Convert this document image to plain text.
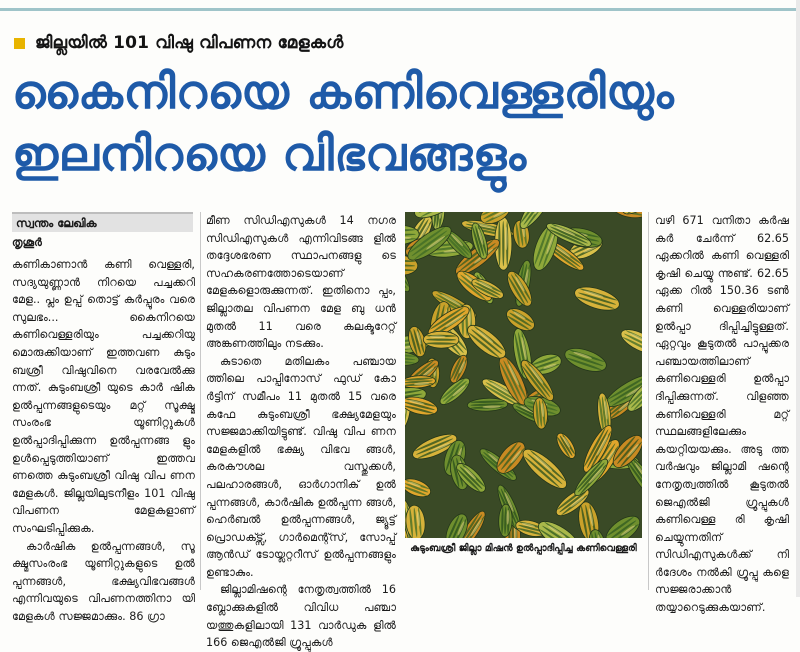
ജില്ലയിൽ 101 വിഷു വിപണന മേളകൾ
കൈനിറയെ കണിവെള്ളരിയും
ഇലനിറയെ വിഭവങ്ങളും
സ്വന്തം ലേഖിക
തൃശൂർ

കണികാണാൻ കണി വെള്ളരി, സദ്യയുണ്ണാൻ നിറയെ പച്ചക്കറി മേള.. പ്ലം ഉപ്പ് തൊട്ട് കർപ്പൂരം വരെ സുലഭം... കൈനിറയെ കണിവെള്ളരിയും പച്ചക്കറിയു മൊരുക്കിയാണ് ഇത്തവണ കുടും ബശ്രീ വിഷുവിനെ വരവേൽക്കു ന്നത്. കുടുംബശ്രീ യുടെ കാർ ഷിക ഉൽപ്പന്നങ്ങളുടെയും മറ്റ് സൂക്ഷ്മ സംരംഭ യൂണിറ്റുകൾ ഉൽപ്പാദിപ്പിക്കുന്ന ഉൽപ്പന്നങ്ങ ളും ഉൾപ്പെടുത്തിയാണ് ഇത്തവ ണത്തെ കുടുംബശ്രീ വിഷു വിപ ണന മേളകൾ. ജില്ലയിലുടനീളം 101 വിഷു വിപണന മേളകളാണ് സംഘടിപ്പിക്കുക.

കാർഷിക ഉൽപ്പന്നങ്ങൾ, സൂ ക്ഷ്മസംരംഭ യൂണിറ്റുകളുടെ ഉൽ പ്പന്നങ്ങൾ, ഭക്ഷ്യവിഭവങ്ങൾ എന്നിവയുടെ വിപണനത്തിനാ യി മേളകൾ സജ്ജമാക്കും. 86 ഗ്രാ

മീണ സിഡിഎസുകൾ 14 നഗര സിഡിഎസുകൾ എന്നിവിടങ്ങ ളിൽ തദ്ദേശഭരണ സ്ഥാപനങ്ങളു ടെ സഹകരണത്തോടെയാണ് മേളകളൊരുക്കുന്നത്. ഇതിനൊ പ്പം, ജില്ലാതല വിപണന മേള ബു ധൻ മുതൽ 11 വരെ കലക്ടറേറ്റ് അങ്കണത്തിലും നടക്കും.

കുടാതെ മതിലകം പഞ്ചായ ത്തിലെ പാപ്പിനോസ് ഫുഡ് കോ ർട്ടിന് സമീപം 11 മുതൽ 15 വരെ കഫേ കുടുംബശ്രീ ഭക്ഷ്യമേളയും സജ്ജമാക്കിയിട്ടുണ്ട്. വിഷു വിപ ണന മേളകളിൽ ഭക്ഷ്യ വിഭവ ങ്ങൾ, കരകൗശല വസ്തുക്കൾ, പലഹാരങ്ങൾ, ഓർഗാനിക് ഉൽ പ്പന്നങ്ങൾ, കാർഷിക ഉൽപ്പന്ന ങ്ങൾ, ഹെർബൽ ഉൽപ്പന്നങ്ങൾ, ജ്യൂട്ട് പ്രൊഡക്ട്സ്, ഗാർമെന്റ്സ്, സോപ്പ് ആൻഡ് ടോയ്ലറ്ററീസ് ഉൽപ്പന്നങ്ങളും ഉണ്ടാകും.

ജില്ലാമിഷന്റെ നേതൃത്വത്തിൽ 16 ബ്ലോക്കുകളിൽ വിവിധ പഞ്ചാ യത്തുകളിലായി 131 വാർഡുക ളിൽ 166 ജെഎൽജി ഗ്രൂപ്പുകൾ

കുടുംബശ്രീ ജില്ലാ മിഷൻ ഉൽപ്പാദിപ്പിച്ച കണിവെള്ളരി

വഴി 671 വനിതാ കർഷ കർ ചേർന്ന് 62.65 ഏക്കറിൽ കണി വെള്ളരി കൃഷി ചെയ്യു ന്നുണ്ട്. 62.65 ഏക്ക റിൽ 150.36 ടൺ കണി വെള്ളരിയാണ് ഉൽപ്പാ ദിപ്പിച്ചിട്ടുള്ളത്. ഏറ്റവും കൂടുതൽ പാപ്പൂക്കര പഞ്ചായത്തിലാണ് കണിവെള്ളരി ഉൽപ്പാ ദിപ്പിക്കുന്നത്. വിളഞ്ഞ കണിവെള്ളരി മറ്റ് സ്ഥലങ്ങളിലേക്കും കയറ്റിയയക്കും. അടു ത്ത വർഷവും ജില്ലാമി ഷന്റെ നേതൃത്വത്തിൽ കൂടുതൽ ജെഎൽജി ഗ്രൂപ്പുകൾ കണിവെള്ള രി കൃഷി ചെയ്യുന്നതിന് സിഡിഎസുകൾക്ക് നി ർദേശം നൽകി ഗ്രൂപ്പു കളെ സജ്ജരാക്കാൻ തയ്യാറെടുക്കുകയാണ്.
